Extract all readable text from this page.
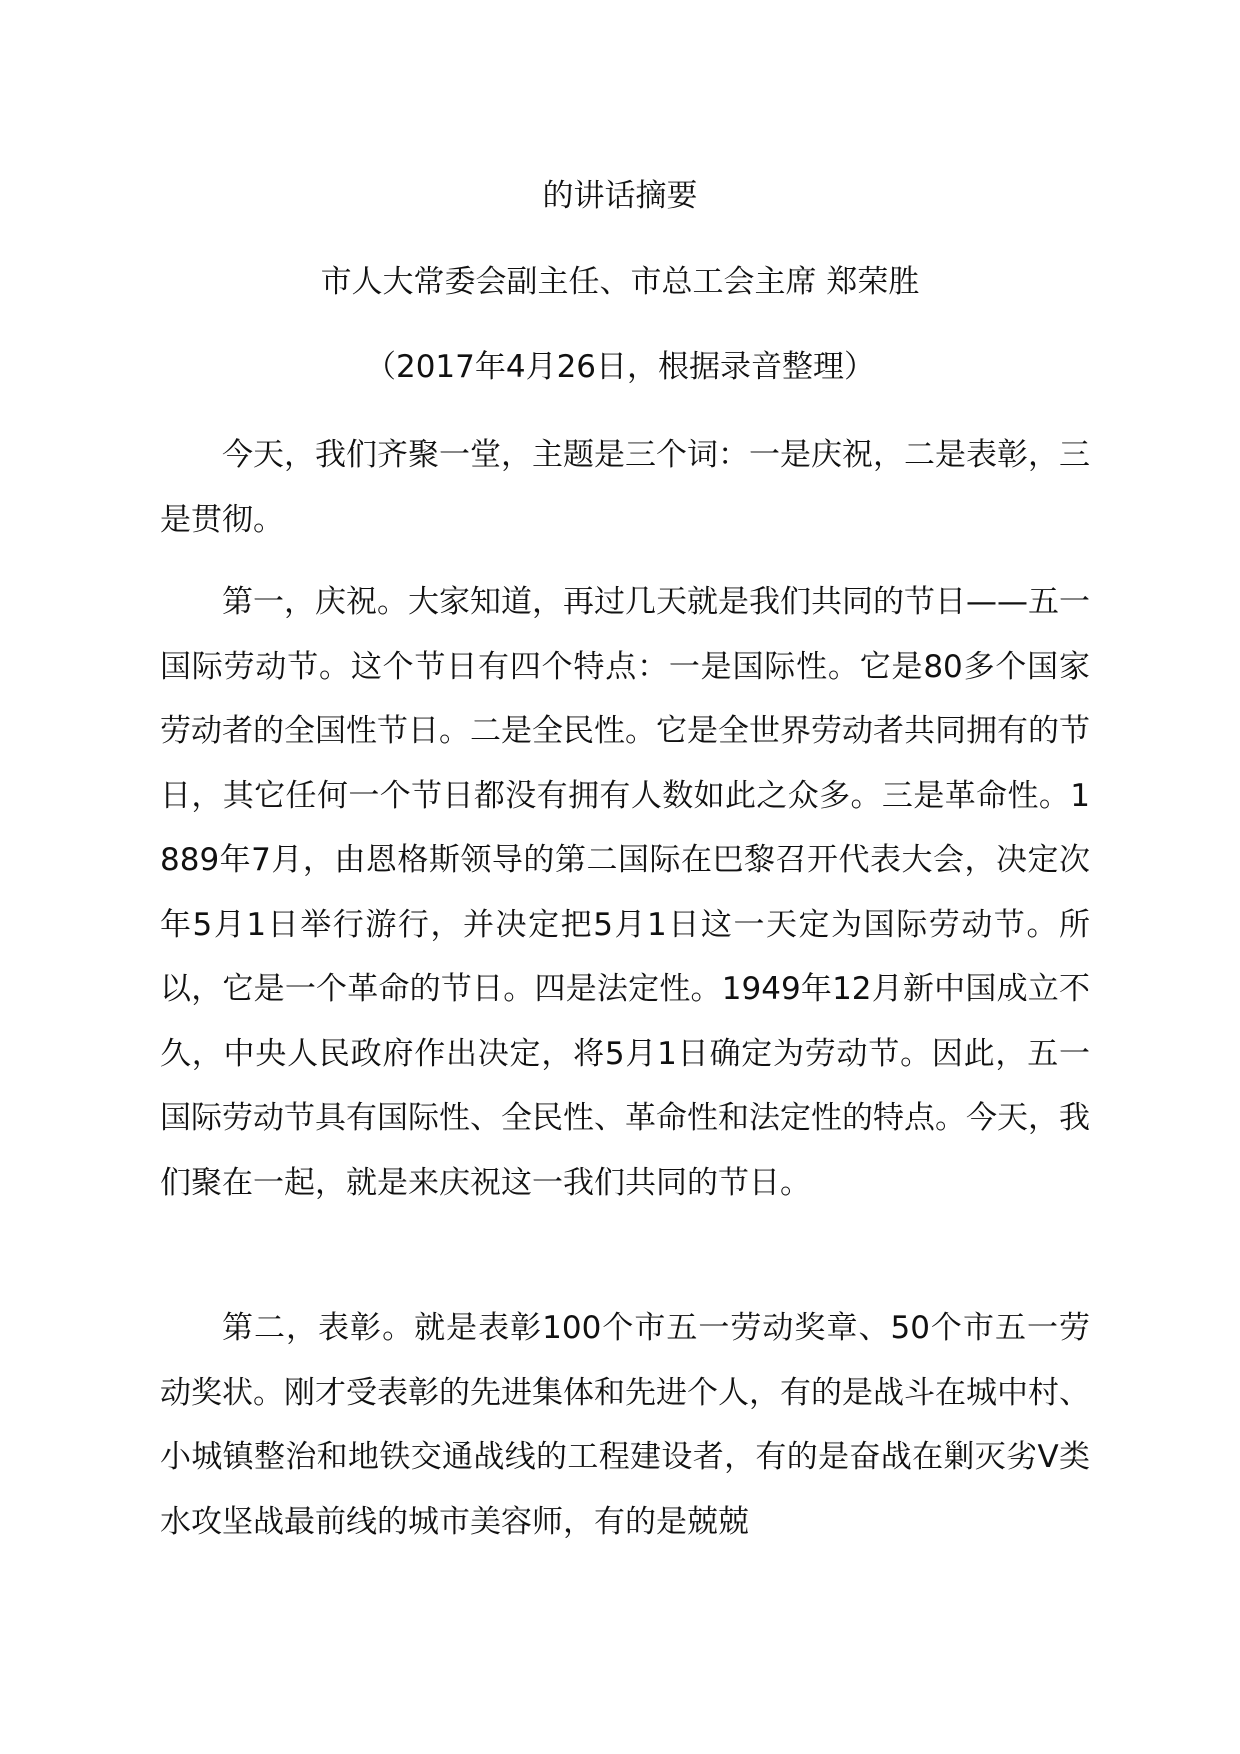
的讲话摘要
市人大常委会副主任、市总工会主席 郑荣胜
（2017年4月26日，根据录音整理）

今天，我们齐聚一堂，主题是三个词：一是庆祝，二是表彰，三是贯彻。

第一，庆祝。大家知道，再过几天就是我们共同的节日——五一国际劳动节。这个节日有四个特点：一是国际性。它是80多个国家劳动者的全国性节日。二是全民性。它是全世界劳动者共同拥有的节日，其它任何一个节日都没有拥有人数如此之众多。三是革命性。1889年7月，由恩格斯领导的第二国际在巴黎召开代表大会，决定次年5月1日举行游行，并决定把5月1日这一天定为国际劳动节。所以，它是一个革命的节日。四是法定性。1949年12月新中国成立不久，中央人民政府作出决定，将5月1日确定为劳动节。因此，五一国际劳动节具有国际性、全民性、革命性和法定性的特点。今天，我们聚在一起，就是来庆祝这一我们共同的节日。

第二，表彰。就是表彰100个市五一劳动奖章、50个市五一劳动奖状。刚才受表彰的先进集体和先进个人，有的是战斗在城中村、小城镇整治和地铁交通战线的工程建设者，有的是奋战在剿灭劣Ⅴ类水攻坚战最前线的城市美容师，有的是兢兢
